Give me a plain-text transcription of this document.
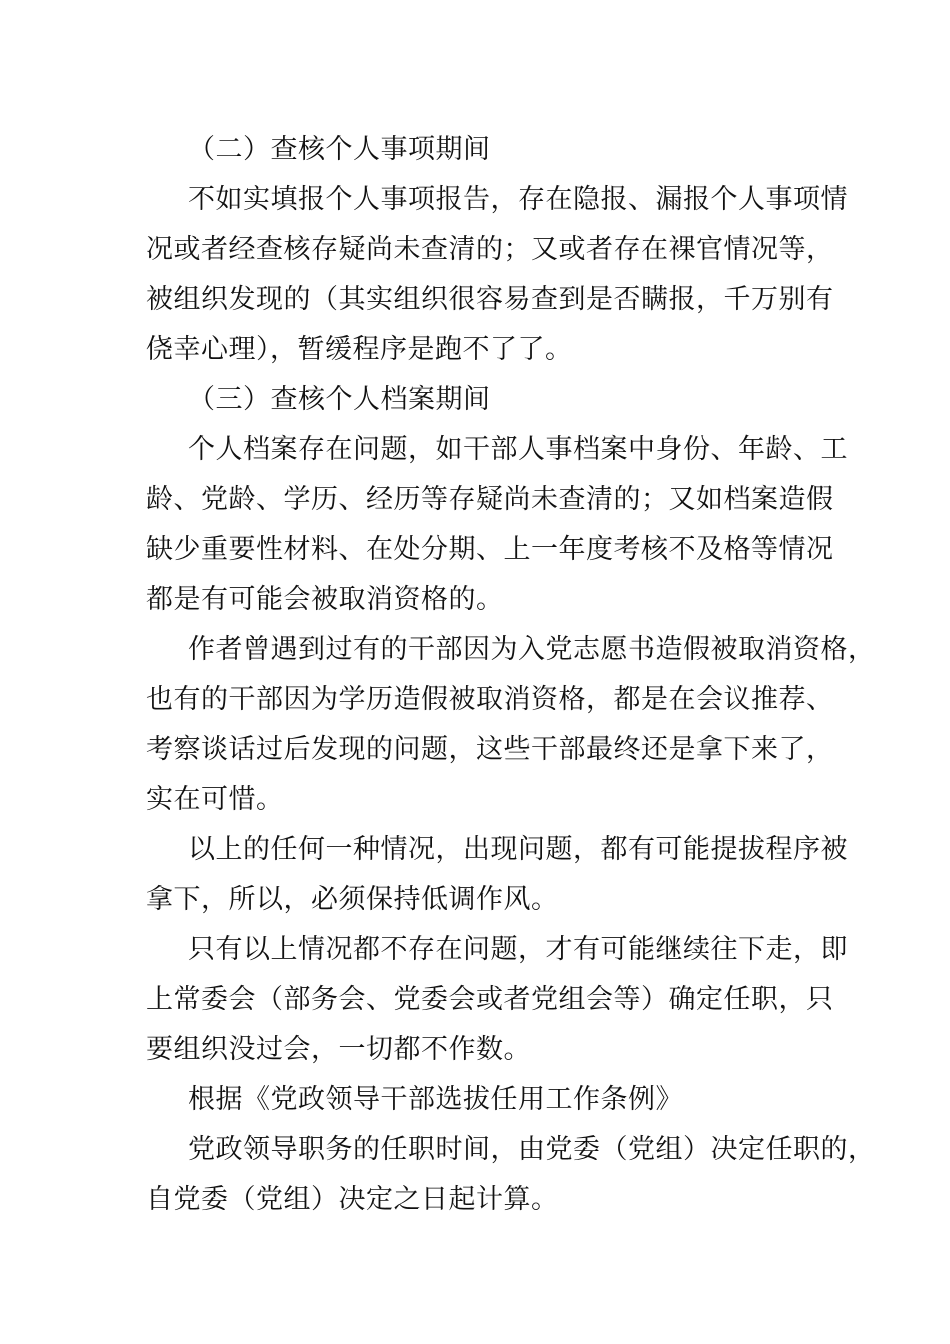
（二）查核个人事项期间
不如实填报个人事项报告，存在隐报、漏报个人事项情
况或者经查核存疑尚未查清的；又或者存在裸官情况等，
被组织发现的（其实组织很容易查到是否瞒报，千万别有
侥幸心理），暂缓程序是跑不了了。
（三）查核个人档案期间
个人档案存在问题，如干部人事档案中身份、年龄、工
龄、党龄、学历、经历等存疑尚未查清的；又如档案造假
缺少重要性材料、在处分期、上一年度考核不及格等情况
都是有可能会被取消资格的。
作者曾遇到过有的干部因为入党志愿书造假被取消资格，
也有的干部因为学历造假被取消资格，都是在会议推荐、
考察谈话过后发现的问题，这些干部最终还是拿下来了，
实在可惜。
以上的任何一种情况，出现问题，都有可能提拔程序被
拿下，所以，必须保持低调作风。
只有以上情况都不存在问题，才有可能继续往下走，即
上常委会（部务会、党委会或者党组会等）确定任职，只
要组织没过会，一切都不作数。
根据《党政领导干部选拔任用工作条例》
党政领导职务的任职时间，由党委（党组）决定任职的，
自党委（党组）决定之日起计算。
